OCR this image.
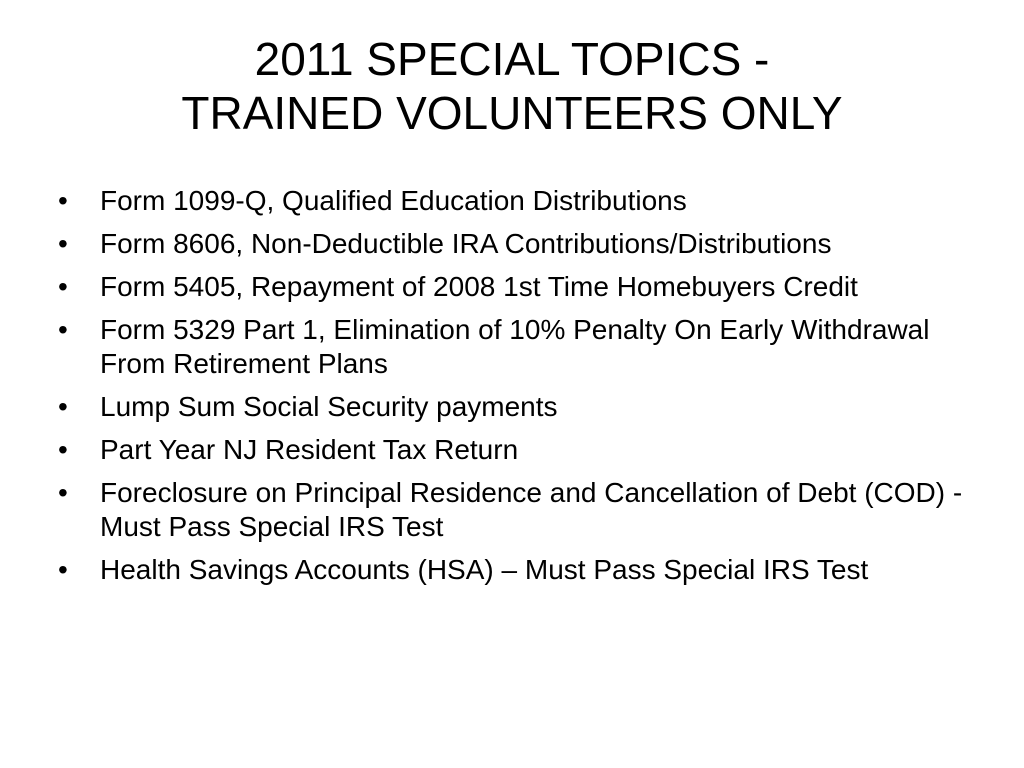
2011 SPECIAL TOPICS -
TRAINED VOLUNTEERS ONLY
•
Form 1099-Q, Qualified Education Distributions
•
Form 8606, Non-Deductible IRA Contributions/Distributions
•
Form 5405, Repayment of 2008 1st Time Homebuyers Credit
•
Form 5329 Part 1, Elimination of 10% Penalty On Early Withdrawal From Retirement Plans
•
Lump Sum Social Security payments
•
Part Year NJ Resident Tax Return
•
Foreclosure on Principal Residence and Cancellation of Debt (COD) - Must Pass Special IRS Test
•
Health Savings Accounts (HSA) – Must Pass Special IRS Test
